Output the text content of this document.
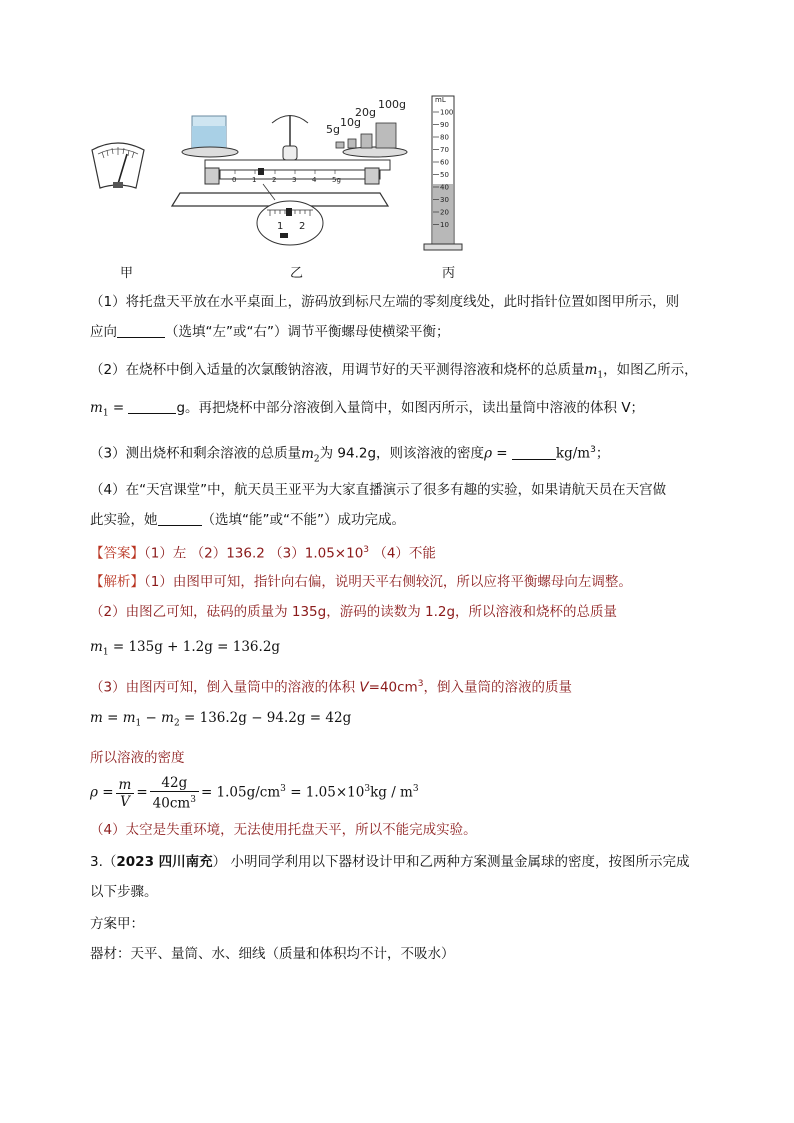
5g
10g
20g
100g
0 1 2 3 4 5g
1 2
mL
100
90
80
70
60
50
40
30
20
10
甲	乙	丙
（1）将托盘天平放在水平桌面上，游码放到标尺左端的零刻度线处，此时指针位置如图甲所示，则
应向	（选填“左”或“右”）调节平衡螺母使横梁平衡；
（2）在烧杯中倒入适量的次氯酸钠溶液，用调节好的天平测得溶液和烧杯的总质量$m_1$，如图乙所示，
$m_1$ =	g。再把烧杯中部分溶液倒入量筒中，如图丙所示，读出量筒中溶液的体积 V；
（3）测出烧杯和剩余溶液的总质量$m_2$为 94.2g，则该溶液的密度ρ =	$kg/m^3$；
（4）在“天宫课堂”中，航天员王亚平为大家直播演示了很多有趣的实验，如果请航天员在天宫做
此实验，她	（选填“能”或“不能”）成功完成。
【答案】（1）左 （2）136.2 $(3)1.05\times 10^3$ （4）不能
【解析】（1）由图甲可知，指针向右偏，说明天平右侧较沉，所以应将平衡螺母向左调整。
（2）由图乙可知，砝码的质量为 135g，游码的读数为 1.2g，所以溶液和烧杯的总质量
$m_1 = 135g + 1.2g = 136.2g$
（3）由图丙可知，倒入量筒中的溶液的体积 $V=40cm^3$，倒入量筒的溶液的质量
$m = m_1 - m_2 = 136.2g - 94.2g = 42g$
所以溶液的密度
$\rho = \frac{m}{V} = \frac{42g}{40cm^3} = 1.05g/cm^3 = 1.05\times 10^3kg / m^3$
（4）太空是失重环境，无法使用托盘天平，所以不能完成实验。
3.（2023 四川南充） 小明同学利用以下器材设计甲和乙两种方案测量金属球的密度，按图所示完成
以下步骤。
方案甲：
器材：天平、量筒、水、细线（质量和体积均不计，不吸水）
